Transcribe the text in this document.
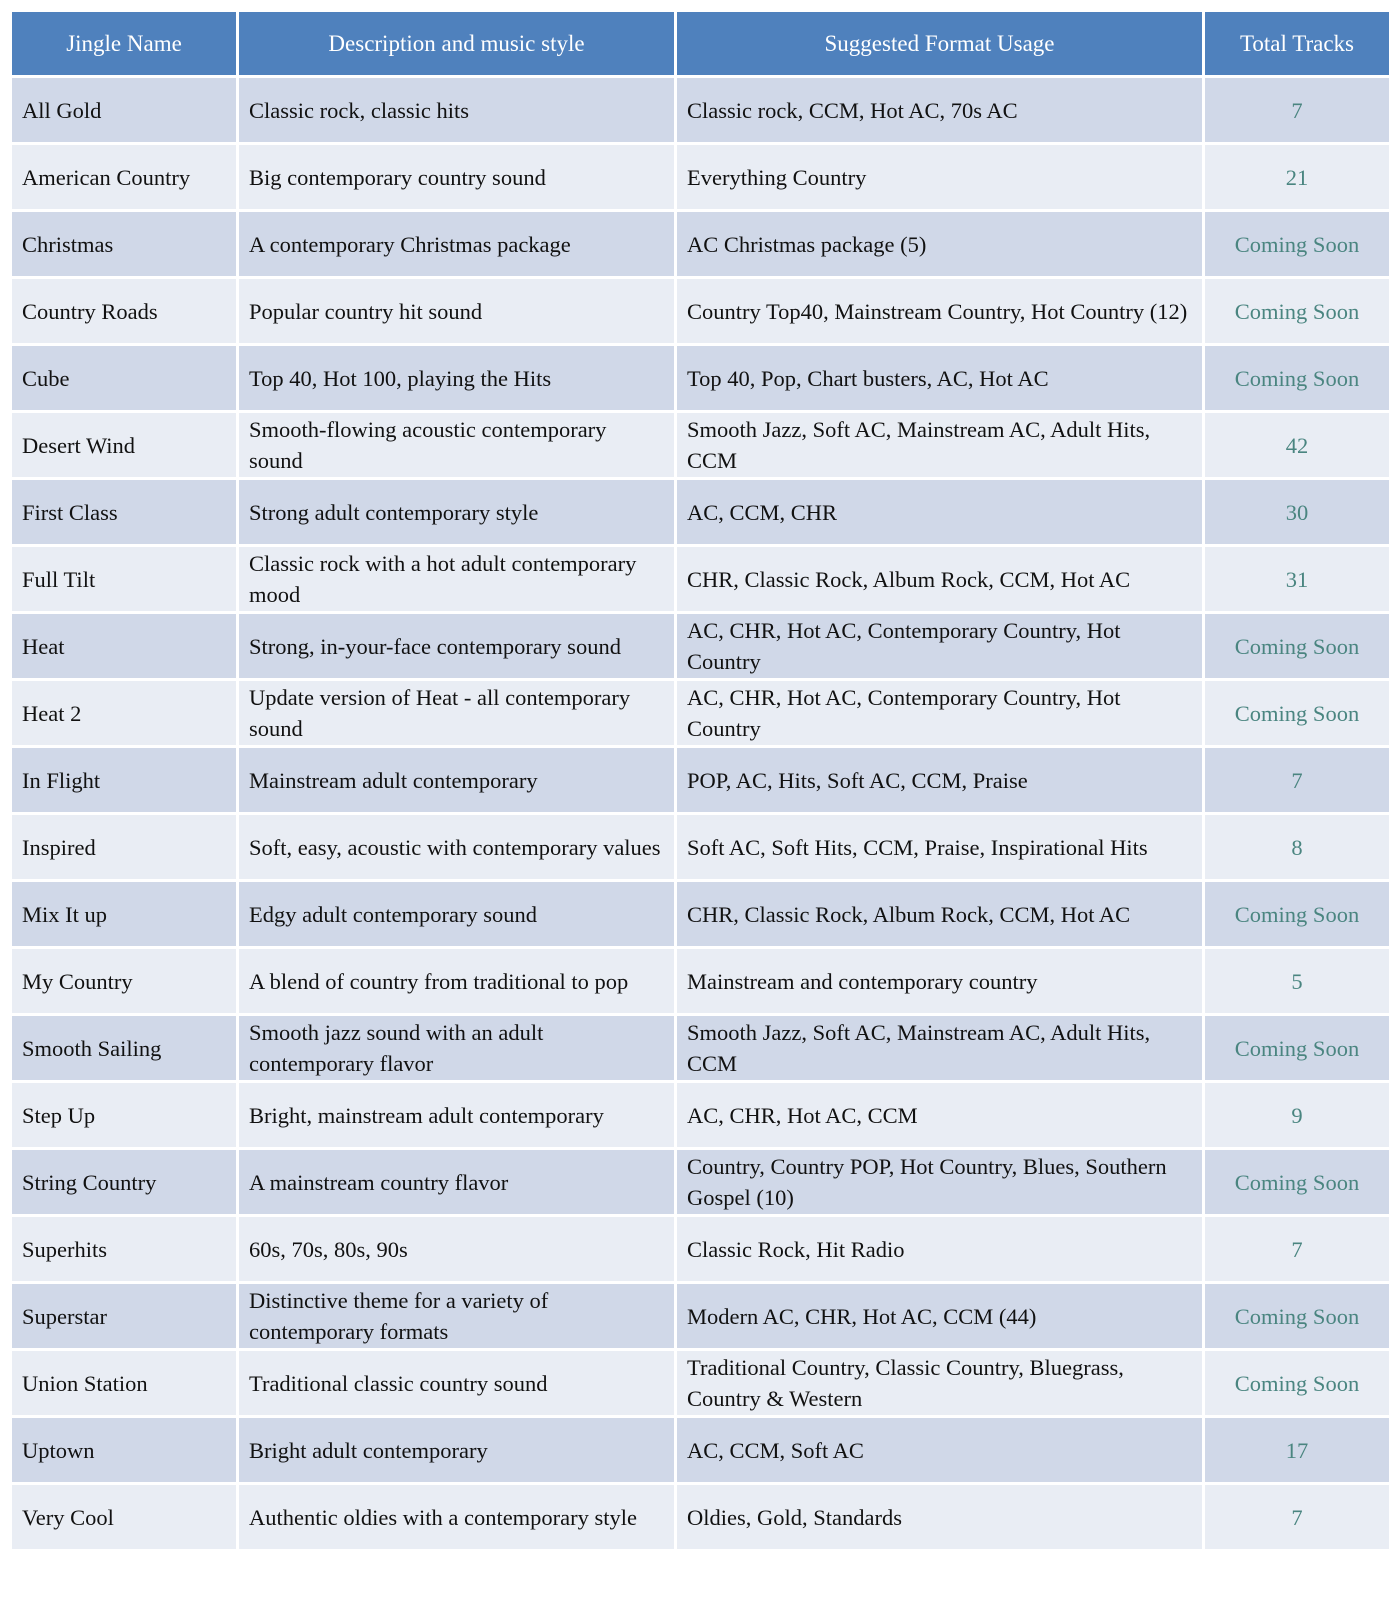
Jingle Name	Description and music style	Suggested Format Usage	Total Tracks
All Gold	Classic rock, classic hits	Classic rock, CCM, Hot AC, 70s AC	7
American Country	Big contemporary country sound	Everything Country	21
Christmas	A contemporary Christmas package	AC Christmas package (5)	Coming Soon
Country Roads	Popular country hit sound	Country Top40, Mainstream Country, Hot Country (12)	Coming Soon
Cube	Top 40, Hot 100, playing the Hits	Top 40, Pop, Chart busters, AC, Hot AC	Coming Soon
Desert Wind	Smooth-flowing acoustic contemporary sound	Smooth Jazz, Soft AC, Mainstream AC, Adult Hits, CCM	42
First Class	Strong adult contemporary style	AC, CCM, CHR	30
Full Tilt	Classic rock with a hot adult contemporary mood	CHR, Classic Rock, Album Rock, CCM, Hot AC	31
Heat	Strong, in-your-face contemporary sound	AC, CHR, Hot AC, Contemporary Country, Hot Country	Coming Soon
Heat 2	Update version of Heat - all contemporary sound	AC, CHR, Hot AC, Contemporary Country, Hot Country	Coming Soon
In Flight	Mainstream adult contemporary	POP, AC, Hits, Soft AC, CCM, Praise	7
Inspired	Soft, easy, acoustic with contemporary values	Soft AC, Soft Hits, CCM, Praise, Inspirational Hits	8
Mix It up	Edgy adult contemporary sound	CHR, Classic Rock, Album Rock, CCM, Hot AC	Coming Soon
My Country	A blend of country from traditional to pop	Mainstream and contemporary country	5
Smooth Sailing	Smooth jazz sound with an adult contemporary flavor	Smooth Jazz, Soft AC, Mainstream AC, Adult Hits, CCM	Coming Soon
Step Up	Bright, mainstream adult contemporary	AC, CHR, Hot AC, CCM	9
String Country	A mainstream country flavor	Country, Country POP, Hot Country, Blues, Southern Gospel (10)	Coming Soon
Superhits	60s, 70s, 80s, 90s	Classic Rock, Hit Radio	7
Superstar	Distinctive theme for a variety of contemporary formats	Modern AC, CHR, Hot AC, CCM (44)	Coming Soon
Union Station	Traditional classic country sound	Traditional Country, Classic Country, Bluegrass, Country & Western	Coming Soon
Uptown	Bright adult contemporary	AC, CCM, Soft AC	17
Very Cool	Authentic oldies with a contemporary style	Oldies, Gold, Standards	7
